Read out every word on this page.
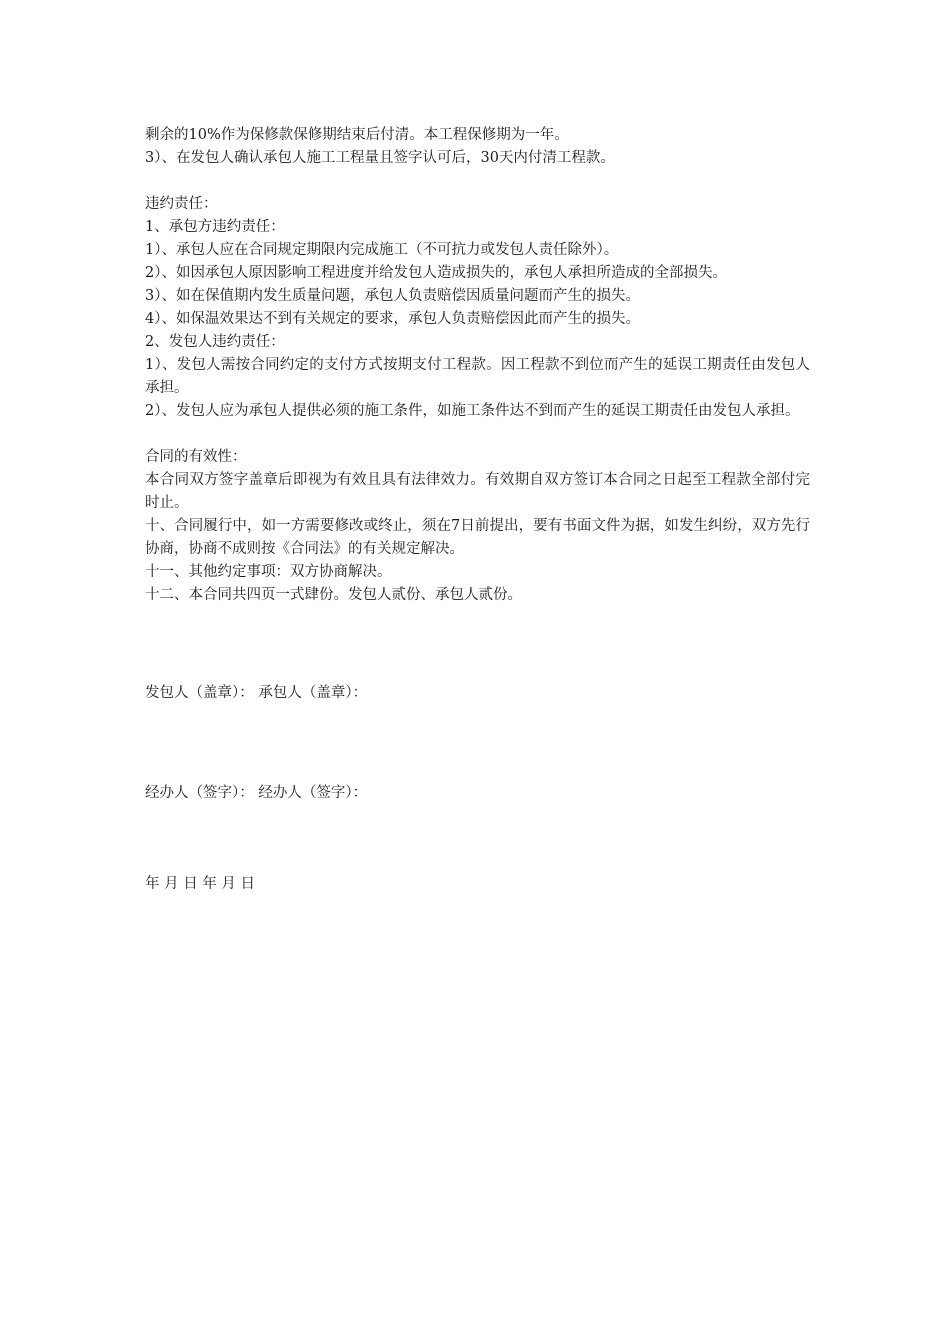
剩余的10%作为保修款保修期结束后付清。本工程保修期为一年。
3）、在发包人确认承包人施工工程量且签字认可后，30天内付清工程款。
违约责任：
1、承包方违约责任：
1）、承包人应在合同规定期限内完成施工（不可抗力或发包人责任除外）。
2）、如因承包人原因影响工程进度并给发包人造成损失的，承包人承担所造成的全部损失。
3）、如在保值期内发生质量问题，承包人负责赔偿因质量问题而产生的损失。
4）、如保温效果达不到有关规定的要求，承包人负责赔偿因此而产生的损失。
2、发包人违约责任：
1）、发包人需按合同约定的支付方式按期支付工程款。因工程款不到位而产生的延误工期责任由发包人承担。
2）、发包人应为承包人提供必须的施工条件，如施工条件达不到而产生的延误工期责任由发包人承担。
合同的有效性：
本合同双方签字盖章后即视为有效且具有法律效力。有效期自双方签订本合同之日起至工程款全部付完时止。
十、合同履行中，如一方需要修改或终止，须在7日前提出，要有书面文件为据，如发生纠纷，双方先行协商，协商不成则按《合同法》的有关规定解决。
十一、其他约定事项：双方协商解决。
十二、本合同共四页一式肆份。发包人贰份、承包人贰份。
发包人（盖章）： 承包人（盖章）：
经办人（签字）： 经办人（签字）：
年 月 日 年 月 日
